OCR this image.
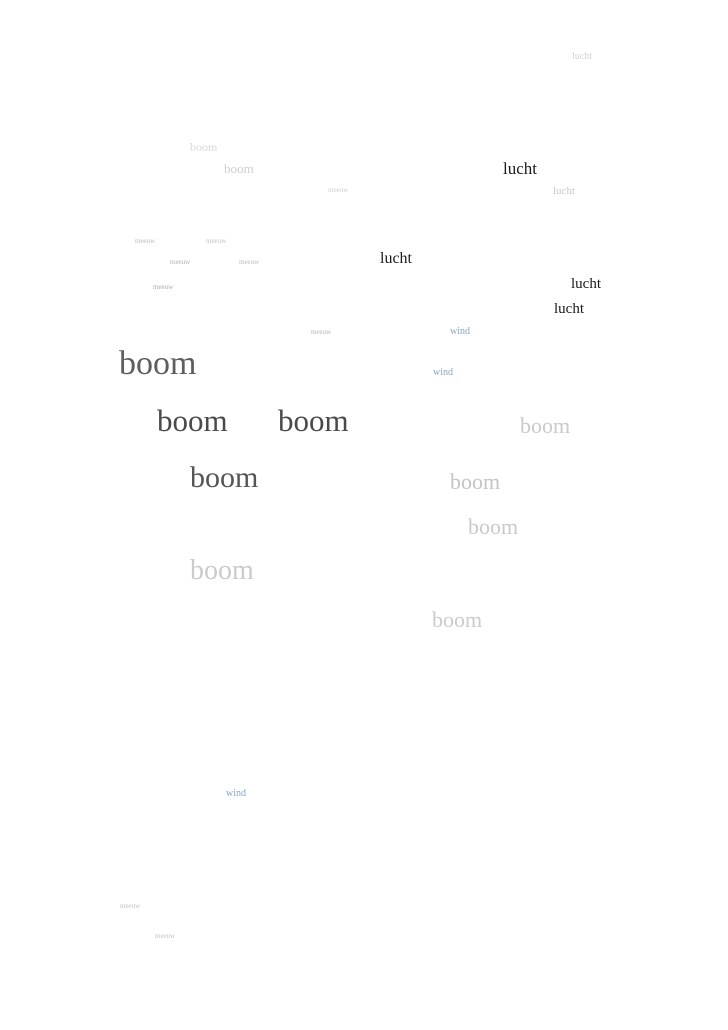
lucht
boom
boom	lucht
meeuw	lucht
meeuw	meeuw
lucht
meeuw	meeuw
lucht
meeuw
lucht
meeuw	wind
boom	wind
boom boom	boom
boom	boom
boom
boom
boom
wind
meeuw
meeuw
